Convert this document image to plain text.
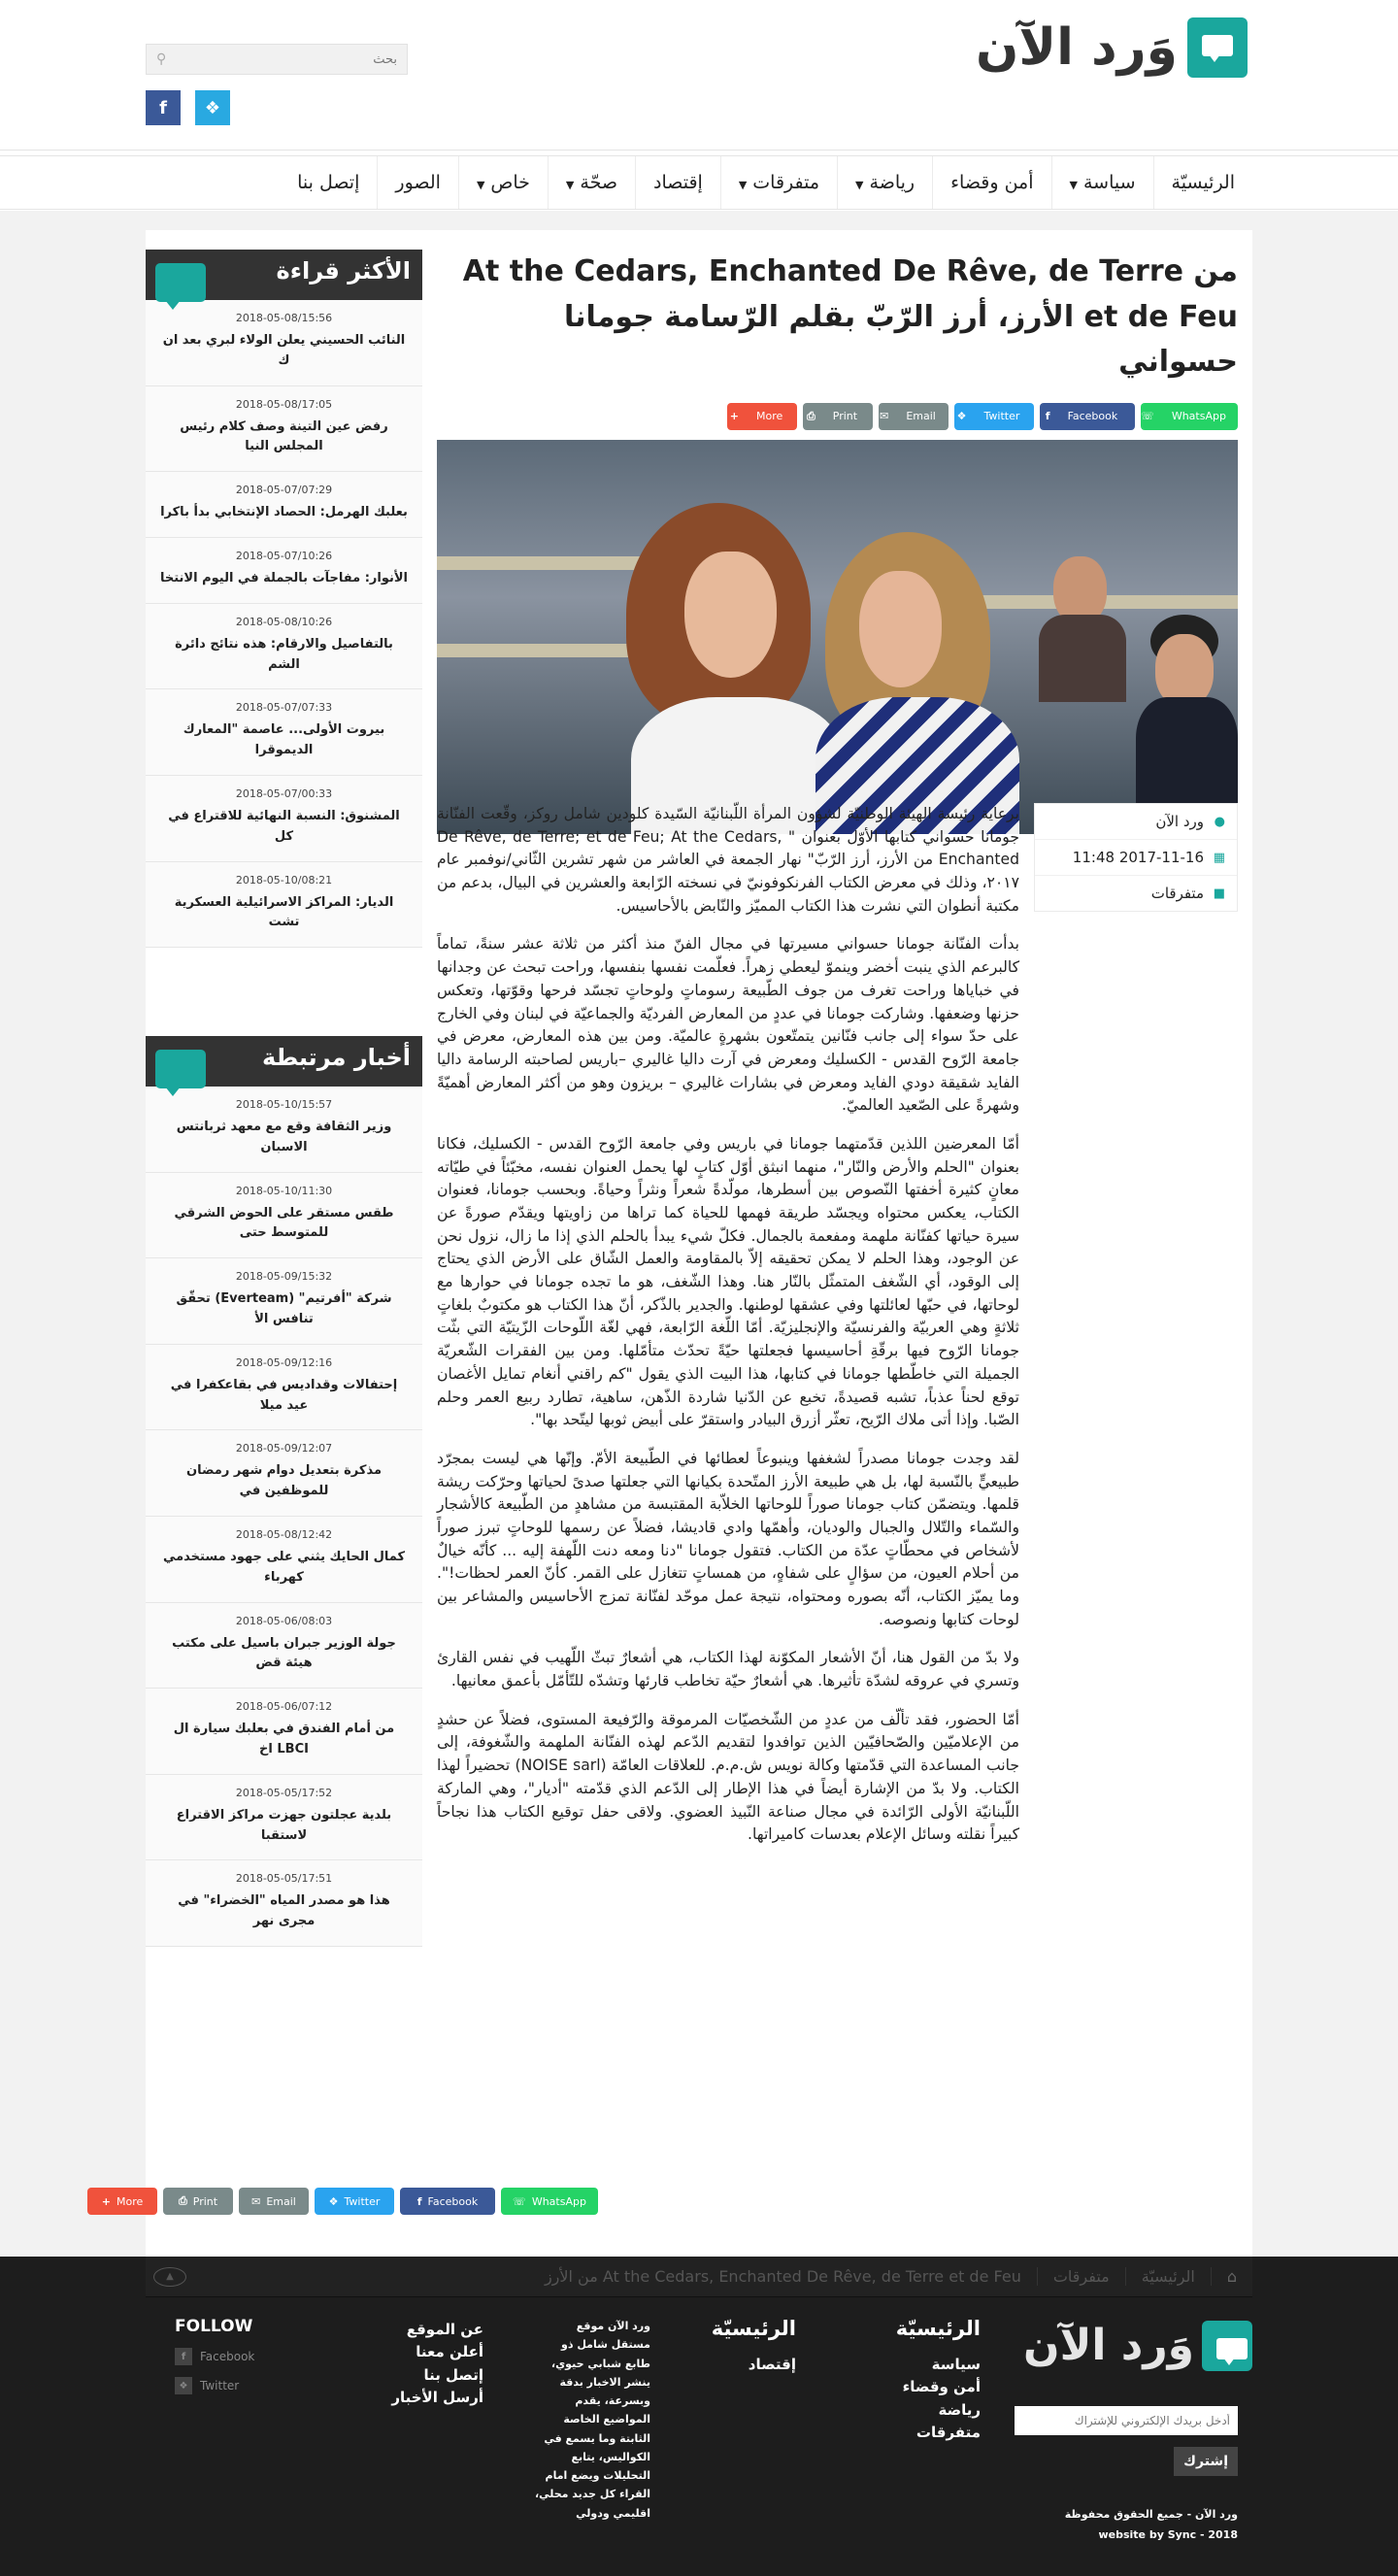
وَرد الآن
بحث
⚲
f	❖
الرئيسيّة
سياسة▼
أمن وقضاء
رياضة▼
متفرقات▼
إقتصاد
صحّة▼
خاص▼
الصور
إتصل بنا
الأكثر قراءة
2018-05-08/15:56
النائب الحسيني يعلن الولاء لبري بعد ان ك
2018-05-08/17:05
رفض عين التينة وصف كلام رئيس المجلس النيا
2018-05-07/07:29
بعلبك الهرمل: الحصاد الإنتخابي بدأ باكرا
2018-05-07/10:26
الأنوار: مفاجآت بالجملة في اليوم الانتخا
2018-05-08/10:26
بالتفاصيل والارقام: هذه نتائج دائرة الشم
2018-05-07/07:33
بيروت الأولى... عاصمة "المعارك الديموقرا
2018-05-07/00:33
المشنوق: النسبة النهائية للاقتراع في كل
2018-05-10/08:21
الديار: المراكز الاسرائيلية العسكرية تشت
أخبار مرتبطة
2018-05-10/15:57
وزير الثقافة وقع مع معهد ثربانتس الاسبان
2018-05-10/11:30
طقس مستقر على الحوض الشرقي للمتوسط حتى
2018-05-09/15:32
شركة "أفرتيم" (Everteam) تحقّق تنافس الأ
2018-05-09/12:16
إحتفالات وقداديس في بقاعكفرا في عيد ميلا
2018-05-09/12:07
مذكرة بتعديل دوام شهر رمضان للموظفين في
2018-05-08/12:42
كمال الحايك يثني على جهود مستخدمي كهرباء
2018-05-06/08:03
جولة الوزير جبران باسيل على مكتب هيئة قض
2018-05-06/07:12
من أمام الفندق في بعلبك سيارة ال LBCI اخ
2018-05-05/17:52
بلدية عجلتون جهزت مراكز الاقتراع لاستقبا
2018-05-05/17:51
هذا هو مصدر المياه "الخضراء" في مجرى نهر
من At the Cedars, Enchanted De Rêve, de Terre et de Feu الأرز، أرز الرّبّ بقلم الرّسامة جومانا حسواني
☏	WhatsApp
f	Facebook
❖	Twitter
✉	Email
⎙	Print
+	More
●
ورد الآن
▦
2017-11-16 11:48
■
متفرقات

برعاية رئيسة الهيئة الوطنيّة لشؤون المرأة اللّبنانيّة السّيدة كلودين شامل روكز، وقّعت الفنّانة جومانا حسواني كتابها الأوّل بعنوان " De Rêve, de Terre; et de Feu; At the Cedars, Enchanted من الأرز، أرز الرّبّ" نهار الجمعة في العاشر من شهر تشرين الثّاني/نوفمبر عام ٢٠١٧، وذلك في معرض الكتاب الفرنكوفونيّ في نسخته الرّابعة والعشرين في البيال، بدعم من مكتبة أنطوان التي نشرت هذا الكتاب المميّز والنّابض بالأحاسيس.

بدأت الفنّانة جومانا حسواني مسيرتها في مجال الفنّ منذ أكثر من ثلاثة عشر سنةً، تماماً كالبرعم الذي ينبت أخضر وينموّ ليعطي زهراً. فعلّمت نفسها بنفسها، وراحت تبحث عن وجدانها في خباياها وراحت تغرف من جوف الطّبيعة رسوماتٍ ولوحاتٍ تجسّد فرحها وقوّتها، وتعكس حزنها وضعفها. وشاركت جومانا في عددٍ من المعارض الفرديّة والجماعيّة في لبنان وفي الخارج على حدّ سواء إلى جانب فنّانين يتمتّعون بشهرةٍ عالميّة. ومن بين هذه المعارض، معرض في جامعة الرّوح القدس - الكسليك ومعرض في آرت داليا غاليري –باريس لصاحبته الرسامة داليا الفايد شقيقة دودي الفايد ومعرض في بشارات غاليري – بريزون وهو من أكثر المعارض أهميّةً وشهرةً على الصّعيد العالميّ.

أمّا المعرضين اللذين قدّمتهما جومانا في باريس وفي جامعة الرّوح القدس - الكسليك، فكانا بعنوان "الحلم والأرض والنّار"، منهما انبثق أوّل كتابٍ لها يحمل العنوان نفسه، مخبّئاً في طيّاته معانٍ كثيرة أخفتها النّصوص بين أسطرها، مولّدةً شعراً ونثراً وحياةً. وبحسب جومانا، فعنوان الكتاب، يعكس محتواه ويجسّد طريقة فهمها للحياة كما تراها من زاويتها ويقدّم صورةً عن سيرة حياتها كفنّانة ملهمة ومفعمة بالجمال. فكلّ شيء يبدأ بالحلم الذي إذا ما زال، نزول نحن عن الوجود، وهذا الحلم لا يمكن تحقيقه إلاّ بالمقاومة والعمل الشّاق على الأرض الذي يحتاج إلى الوقود، أي الشّغف المتمثّل بالنّار هنا. وهذا الشّغف، هو ما تجده جومانا في حوارها مع لوحاتها، في حبّها لعائلتها وفي عشقها لوطنها. والجدير بالذّكر، أنّ هذا الكتاب هو مكتوبٌ بلغاتٍ ثلاثةٍ وهي العربيّة والفرنسيّة والإنجليزيّة. أمّا اللّغة الرّابعة، فهي لغّة اللّوحات الزّيتيّة التي بثّت جومانا الرّوح فيها برقّةِ أحاسيسها فجعلتها حيّةً تحدّث متأمّلها. ومن بين الفقرات الشّعريّة الجميلة التي خاطّطها جومانا في كتابها، هذا البيت الذي يقول "كم راقني أنغام تمايل الأغصان توقع لحناً عذباً، تشبه قصيدةً، تخبع عن الدّنيا شاردة الذّهن، ساهية، تطارد ربيع العمر وحلم الصّبا. وإذا أتى ملاك الرّيح، تعثّر أزرق البيادر واستقرّ على أبيض ثوبها ليتّحد بها".

لقد وجدت جومانا مصدراً لشغفها وينبوعاً لعطائها في الطّبيعة الأمّ. وإنّها هي ليست بمجرّد طبيعيٍّ بالنّسبة لها، بل هي طبيعة الأرز المتّحدة بكيانها التي جعلتها صدىً لحياتها وحرّكت ريشة قلمها. ويتضمّن كتاب جومانا صوراً للوحاتها الخلاّبة المقتبسة من مشاهدٍ من الطّبيعة كالأشجار والسّماء والتّلال والجبال والوديان، وأهمّها وادي قاديشا، فضلاً عن رسمها للوحاتٍ تبرز صوراً لأشخاص في محطّاتٍ عدّة من الكتاب. فتقول جومانا "دنا ومعه دنت اللّهفة إليه ... كأنّه خيالٌ من أحلام العيون، من سؤالٍ على شفاهٍ، من همساتٍ تتغازل على القمر. كأنّ العمر لحظات!". وما يميّز الكتاب، أنّه بصوره ومحتواه، نتيجة عمل موحّد لفنّانة تمزج الأحاسيس والمشاعر بين لوحات كتابها ونصوصه.

ولا بدّ من القول هنا، أنّ الأشعار المكوّنة لهذا الكتاب، هي أشعارٌ تبثّ اللّهيب في نفس القارئ وتسري في عروقه لشدّة تأثيرها. هي أشعارٌ حيّة تخاطب قارئها وتشدّه للتّأمّل بأعمق معانيها.

أمّا الحضور، فقد تألّف من عددٍ من الشّخصيّات المرموقة والرّفيعة المستوى، فضلاً عن حشدٍ من الإعلاميّين والصّحافيّين الذين توافدوا لتقديم الدّعم لهذه الفنّانة الملهمة والشّغوفة، إلى جانب المساعدة التي قدّمتها وكالة نويس ش.م.م. للعلاقات العامّة (NOISE sarl) تحضيراً لهذا الكتاب. ولا بدّ من الإشارة أيضاً في هذا الإطار إلى الدّعم الذي قدّمته "أديار"، وهي الماركة اللّبنانيّة الأولى الرّائدة في مجال صناعة النّبيذ العضوي. ولاقى حفل توقيع الكتاب هذا نجاحاً كبيراً نقلته وسائل الإعلام بعدسات كاميراتها.

☏ WhatsApp
f Facebook
❖ Twitter
✉ Email
⎙ Print
+ More
⌂
الرئيسيّة
متفرقات
At the Cedars, Enchanted De Rêve, de Terre et de Feu من الأرز
▲
وَرد الآن
أدخل بريدك الإلكتروني للإشتراك
إشترك
ورد الآن - جميع الحقوق محفوظة
website by Sync - 2018
الرئيسيّة
سياسة
أمن وقضاء
رياضة
متفرقات
الرئيسيّة
إقتصاد
ورد الآن موقع مستقل شامل ذو طابع شبابي حيوي، ينشر الاخبار بدقة وبسرعة، يقدم المواضيع الخاصة الثابتة وما يسمع في الكواليس، يتابع التحليلات ويضع امام القراء كل جديد محلي، اقليمي ودولي
عن الموقع
أعلن معنا
إتصل بنا
أرسل الأخبار
FOLLOW
f	Facebook
❖	Twitter
